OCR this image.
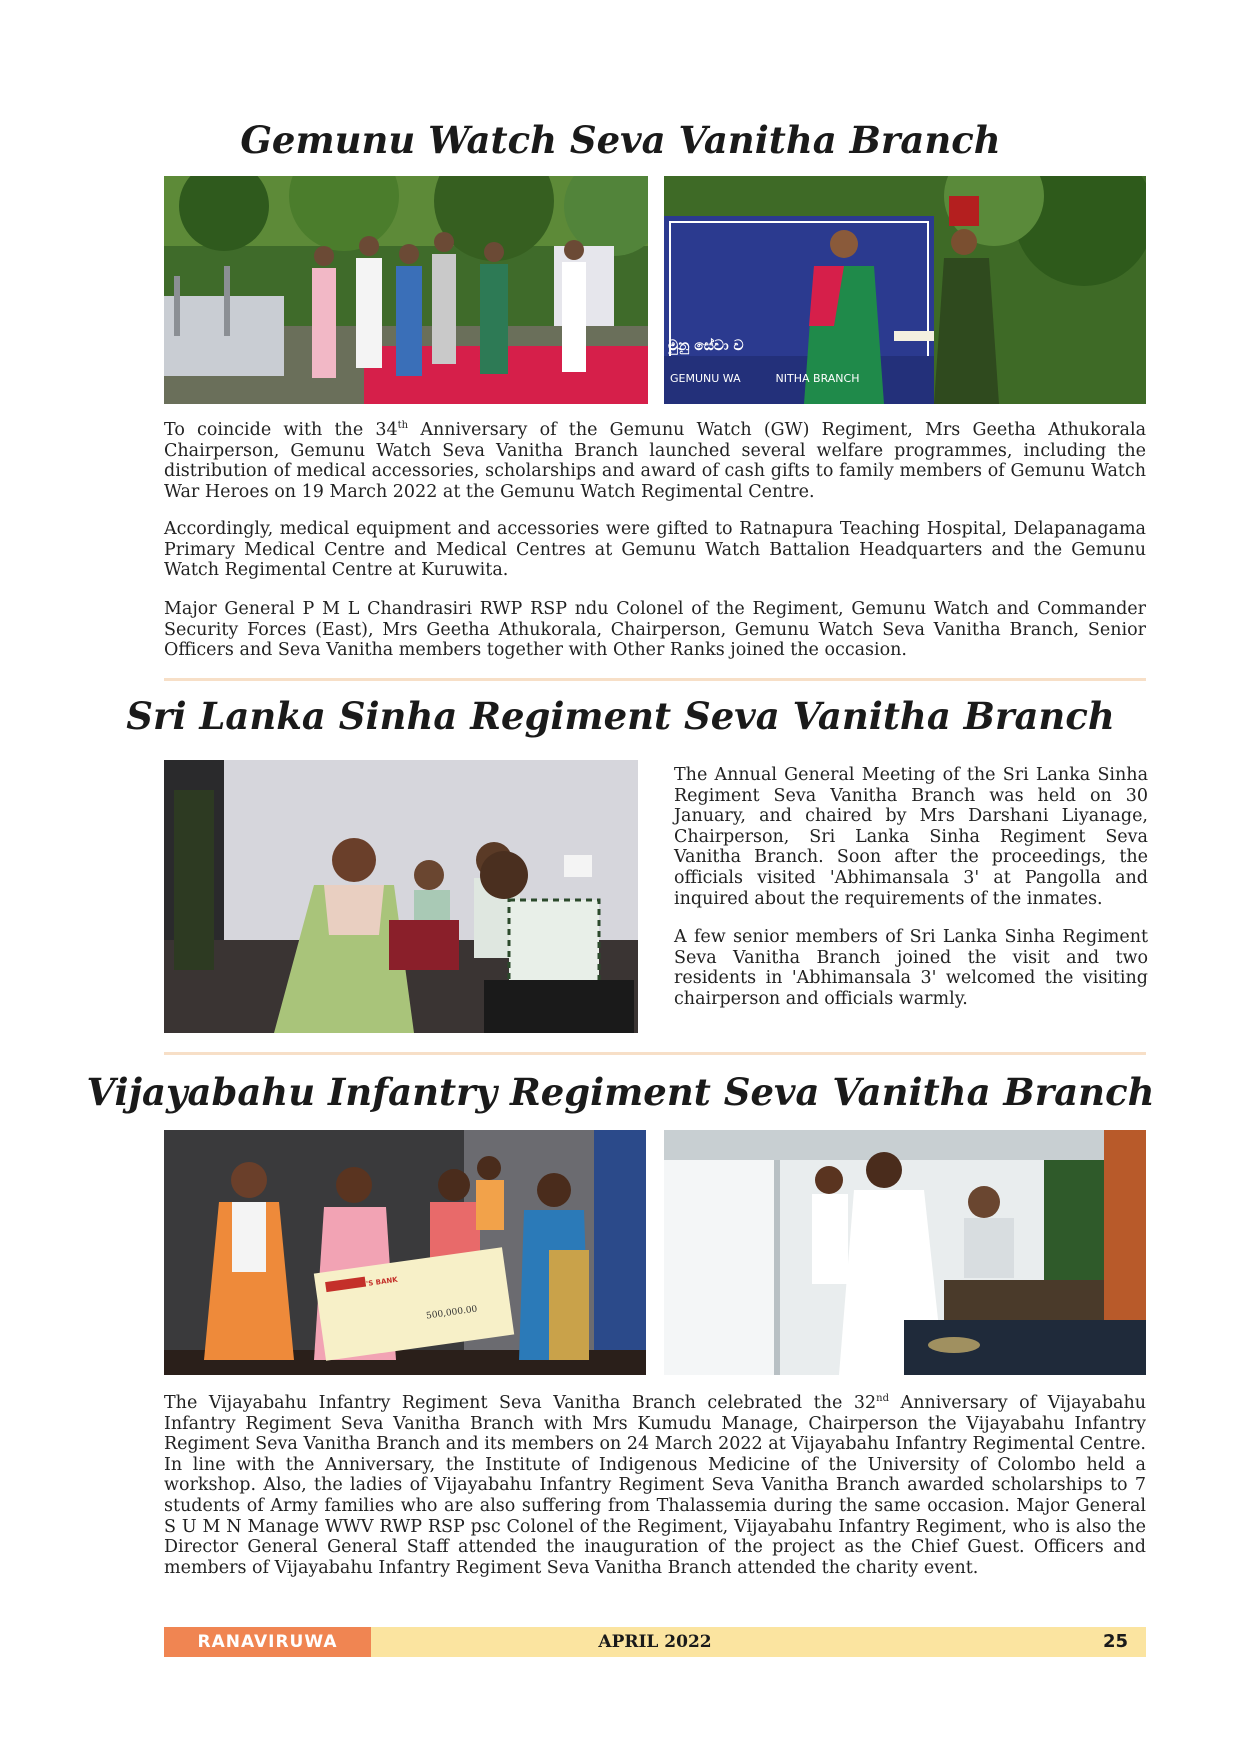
Gemunu Watch Seva Vanitha Branch
මුනු සේවා ව
GEMUNU WA          NITHA BRANCH

To coincide with the 34th Anniversary of the Gemunu Watch (GW) Regiment, Mrs Geetha Athukorala Chairperson, Gemunu Watch Seva Vanitha Branch launched several welfare programmes, including the distribution of medical accessories, scholarships and award of cash gifts to family members of Gemunu Watch War Heroes on 19 March 2022 at the Gemunu Watch Regimental Centre.

Accordingly, medical equipment and accessories were gifted to Ratnapura Teaching Hospital, Delapanagama Primary Medical Centre and Medical Centres at Gemunu Watch Battalion Headquarters and the Gemunu Watch Regimental Centre at Kuruwita.

Major General P M L Chandrasiri RWP RSP ndu Colonel of the Regiment, Gemunu Watch and Commander Security Forces (East), Mrs Geetha Athukorala, Chairperson, Gemunu Watch Seva Vanitha Branch, Senior Officers and Seva Vanitha members together with Other Ranks joined the occasion.

Sri Lanka Sinha Regiment Seva Vanitha Branch

The Annual General Meeting of the Sri Lanka Sinha Regiment Seva Vanitha Branch was held on 30 January, and chaired by Mrs Darshani Liyanage, Chairperson, Sri Lanka Sinha Regiment Seva Vanitha Branch. Soon after the proceedings, the officials visited 'Abhimansala 3' at Pangolla and inquired about the requirements of the inmates.

A few senior members of Sri Lanka Sinha Regiment Seva Vanitha Branch joined the visit and two residents in 'Abhimansala 3' welcomed the visiting chairperson and officials warmly.

Vijayabahu Infantry Regiment Seva Vanitha Branch
PEOPLE'S BANK
500,000.00

The Vijayabahu Infantry Regiment Seva Vanitha Branch celebrated the 32nd Anniversary of Vijayabahu Infantry Regiment Seva Vanitha Branch with Mrs Kumudu Manage, Chairperson the Vijayabahu Infantry Regiment Seva Vanitha Branch and its members on 24 March 2022 at Vijayabahu Infantry Regimental Centre. In line with the Anniversary, the Institute of Indigenous Medicine of the University of Colombo held a workshop. Also, the ladies of Vijayabahu Infantry Regiment Seva Vanitha Branch awarded scholarships to 7 students of Army families who are also suffering from Thalassemia during the same occasion. Major General S U M N Manage WWV RWP RSP psc Colonel of the Regiment, Vijayabahu Infantry Regiment, who is also the Director General General Staff attended the inauguration of the project as the Chief Guest. Officers and members of Vijayabahu Infantry Regiment Seva Vanitha Branch attended the charity event.

APRIL 2022
RANAVIRUWA	25
